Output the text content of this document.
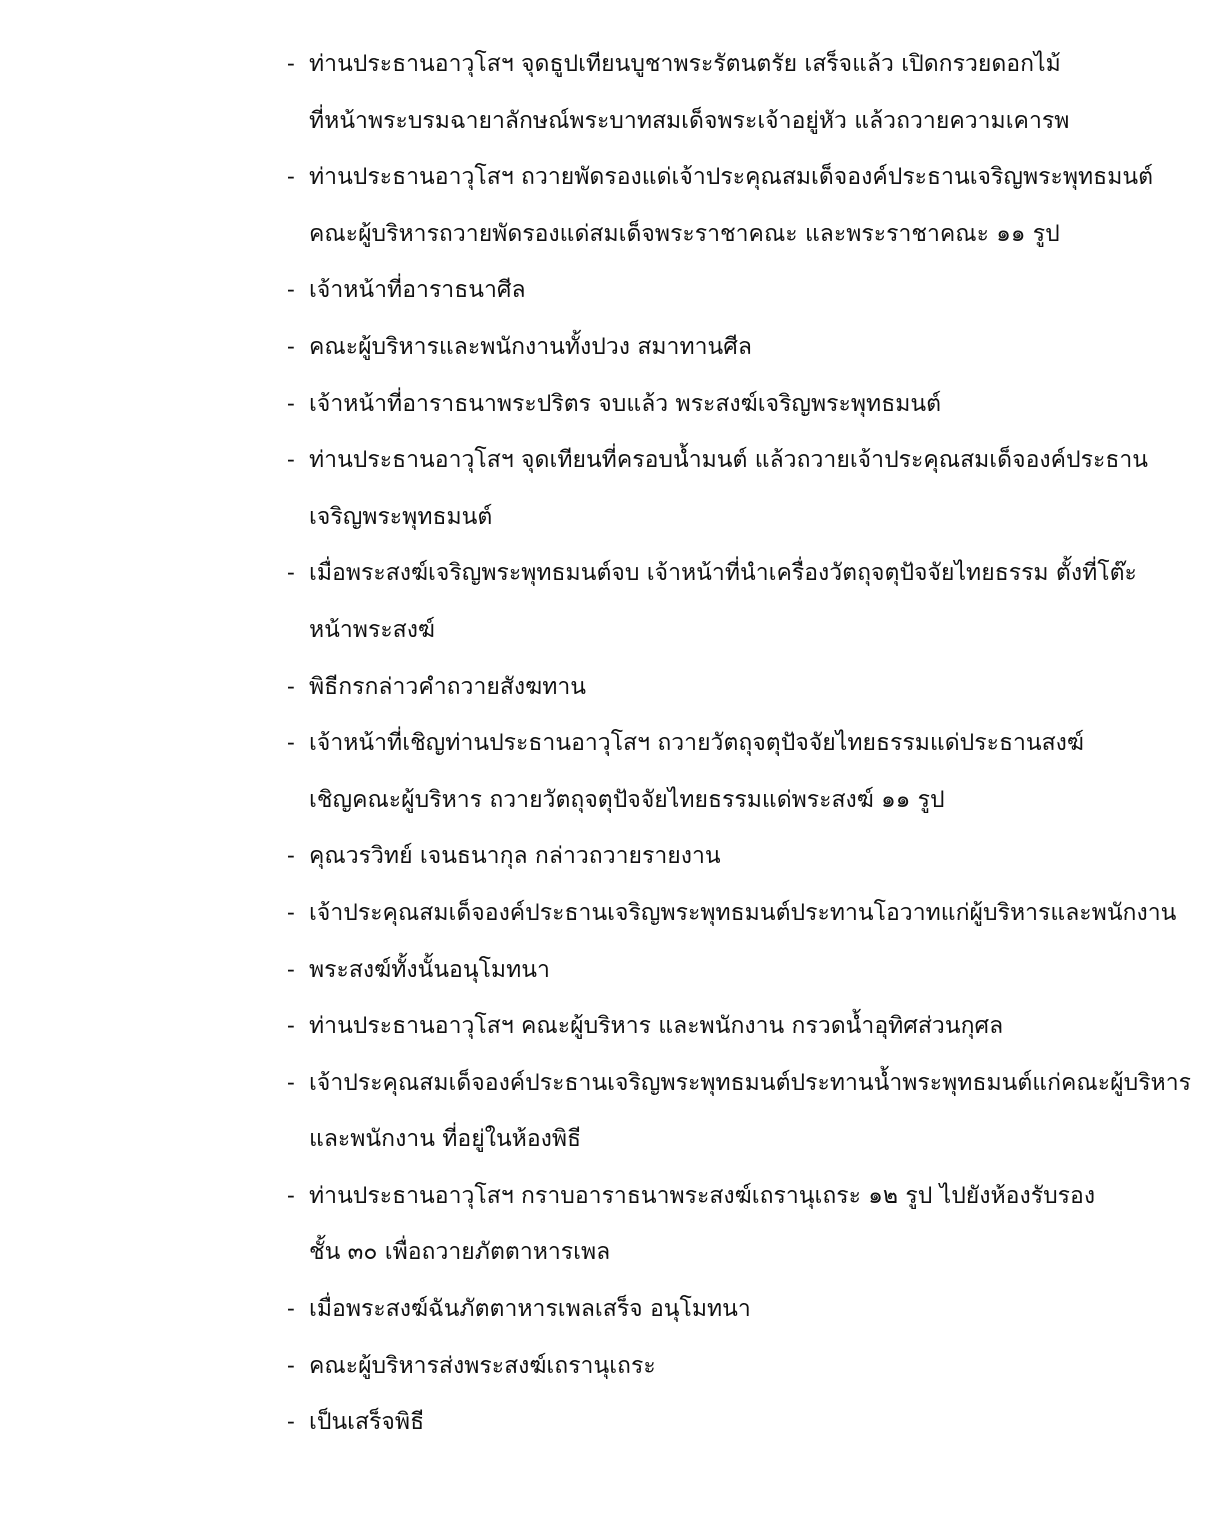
- ท่านประธานอาวุโสฯ จุดธูปเทียนบูชาพระรัตนตรัย เสร็จแล้ว เปิดกรวยดอกไม้
ที่หน้าพระบรมฉายาลักษณ์พระบาทสมเด็จพระเจ้าอยู่หัว แล้วถวายความเคารพ
- ท่านประธานอาวุโสฯ ถวายพัดรองแด่เจ้าประคุณสมเด็จองค์ประธานเจริญพระพุทธมนต์
คณะผู้บริหารถวายพัดรองแด่สมเด็จพระราชาคณะ และพระราชาคณะ ๑๑ รูป
- เจ้าหน้าที่อาราธนาศีล
- คณะผู้บริหารและพนักงานทั้งปวง สมาทานศีล
- เจ้าหน้าที่อาราธนาพระปริตร จบแล้ว พระสงฆ์เจริญพระพุทธมนต์
- ท่านประธานอาวุโสฯ จุดเทียนที่ครอบน้ำมนต์ แล้วถวายเจ้าประคุณสมเด็จองค์ประธาน
เจริญพระพุทธมนต์
- เมื่อพระสงฆ์เจริญพระพุทธมนต์จบ เจ้าหน้าที่นำเครื่องวัตถุจตุปัจจัยไทยธรรม ตั้งที่โต๊ะ
หน้าพระสงฆ์
- พิธีกรกล่าวคำถวายสังฆทาน
- เจ้าหน้าที่เชิญท่านประธานอาวุโสฯ ถวายวัตถุจตุปัจจัยไทยธรรมแด่ประธานสงฆ์
เชิญคณะผู้บริหาร ถวายวัตถุจตุปัจจัยไทยธรรมแด่พระสงฆ์ ๑๑ รูป
- คุณวรวิทย์ เจนธนากุล กล่าวถวายรายงาน
- เจ้าประคุณสมเด็จองค์ประธานเจริญพระพุทธมนต์ประทานโอวาทแก่ผู้บริหารและพนักงาน
- พระสงฆ์ทั้งนั้นอนุโมทนา
- ท่านประธานอาวุโสฯ คณะผู้บริหาร และพนักงาน กรวดน้ำอุทิศส่วนกุศล
- เจ้าประคุณสมเด็จองค์ประธานเจริญพระพุทธมนต์ประทานน้ำพระพุทธมนต์แก่คณะผู้บริหาร
และพนักงาน ที่อยู่ในห้องพิธี
- ท่านประธานอาวุโสฯ กราบอาราธนาพระสงฆ์เถรานุเถระ ๑๒ รูป ไปยังห้องรับรอง
ชั้น ๓๐ เพื่อถวายภัตตาหารเพล
- เมื่อพระสงฆ์ฉันภัตตาหารเพลเสร็จ อนุโมทนา
- คณะผู้บริหารส่งพระสงฆ์เถรานุเถระ
- เป็นเสร็จพิธี
